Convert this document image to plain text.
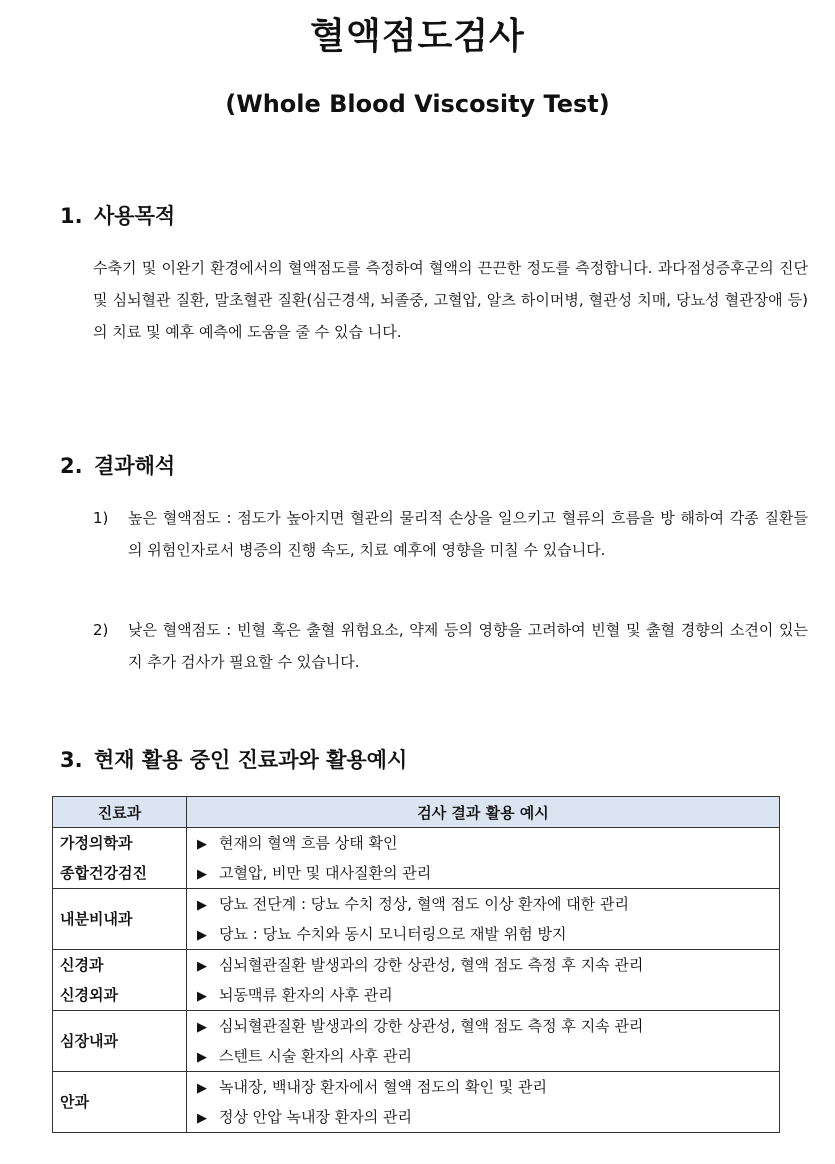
혈액점도검사
(Whole Blood Viscosity Test)
1. 사용목적

수축기 및 이완기 환경에서의 혈액점도를 측정하여 혈액의 끈끈한 정도를 측정합니다. 과다점성증후군의 진단 및 심뇌혈관 질환, 말초혈관 질환(심근경색, 뇌졸중, 고혈압, 알츠 하이머병, 혈관성 치매, 당뇨성 혈관장애 등)의 치료 및 예후 예측에 도움을 줄 수 있습 니다.

2. 결과해석
1)	높은 혈액점도 : 점도가 높아지면 혈관의 물리적 손상을 일으키고 혈류의 흐름을 방 해하여 각종 질환들의 위험인자로서 병증의 진행 속도, 치료 예후에 영향을 미칠 수 있습니다.

2)	낮은 혈액점도 : 빈혈 혹은 출혈 위험요소, 약제 등의 영향을 고려하여 빈혈 및 출혈 경향의 소견이 있는지 추가 검사가 필요할 수 있습니다.

3. 현재 활용 중인 진료과와 활용예시
진료과	검사 결과 활용 예시

가정의학과
종합건강검진	▶ 현재의 혈액 흐름 상태 확인
▶ 고혈압, 비만 및 대사질환의 관리

내분비내과	▶ 당뇨 전단계 : 당뇨 수치 정상, 혈액 점도 이상 환자에 대한 관리
▶ 당뇨 : 당뇨 수치와 동시 모니터링으로 재발 위험 방지

신경과
신경외과	▶ 심뇌혈관질환 발생과의 강한 상관성, 혈액 점도 측정 후 지속 관리
▶ 뇌동맥류 환자의 사후 관리

심장내과	▶ 심뇌혈관질환 발생과의 강한 상관성, 혈액 점도 측정 후 지속 관리
▶ 스텐트 시술 환자의 사후 관리

안과	▶ 녹내장, 백내장 환자에서 혈액 점도의 확인 및 관리
▶ 정상 안압 녹내장 환자의 관리
